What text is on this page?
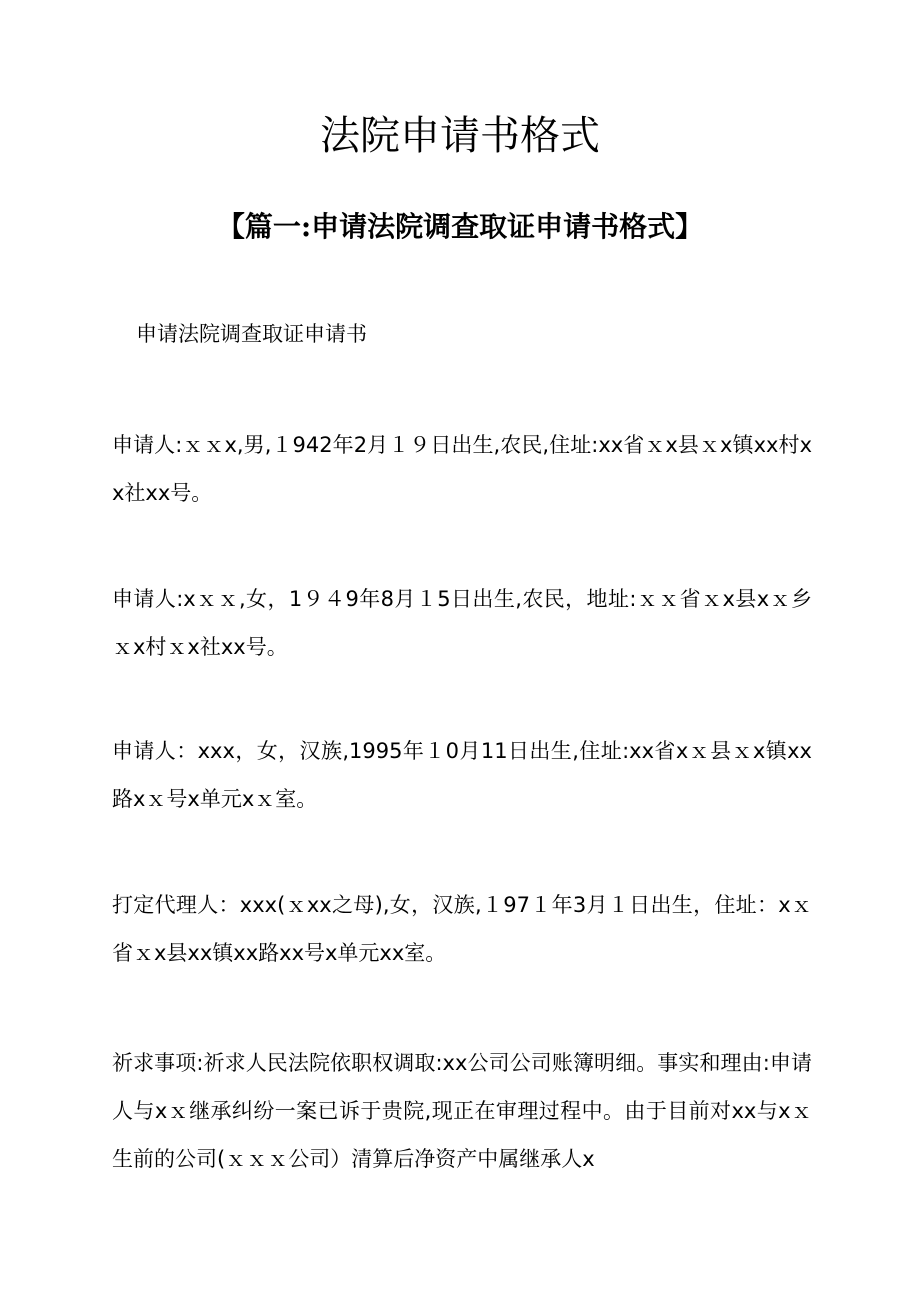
法院申请书格式
【篇一:申请法院调查取证申请书格式】

申请法院调查取证申请书

申请人:ｘｘx,男,１942年2月１９日出生,农民,住址:xx省ｘx县ｘx镇xx村xx社xx号。

申请人:xｘｘ,女，1９４9年8月１5日出生,农民，地址:ｘｘ省ｘx县xｘ乡ｘx村ｘx社xx号。

申请人：xxx，女，汉族,1995年１0月11日出生,住址:xx省xｘ县ｘx镇xx路xｘ号x单元xｘ室。

打定代理人：xxx(ｘxx之母),女，汉族,１97１年3月１日出生，住址：xｘ省ｘx县xx镇xx路xx号x单元xx室。

祈求事项:祈求人民法院依职权调取:xx公司公司账簿明细。事实和理由:申请人与xｘ继承纠纷一案已诉于贵院,现正在审理过程中。由于目前对xx与xｘ生前的公司(ｘｘｘ公司）清算后净资产中属继承人x
